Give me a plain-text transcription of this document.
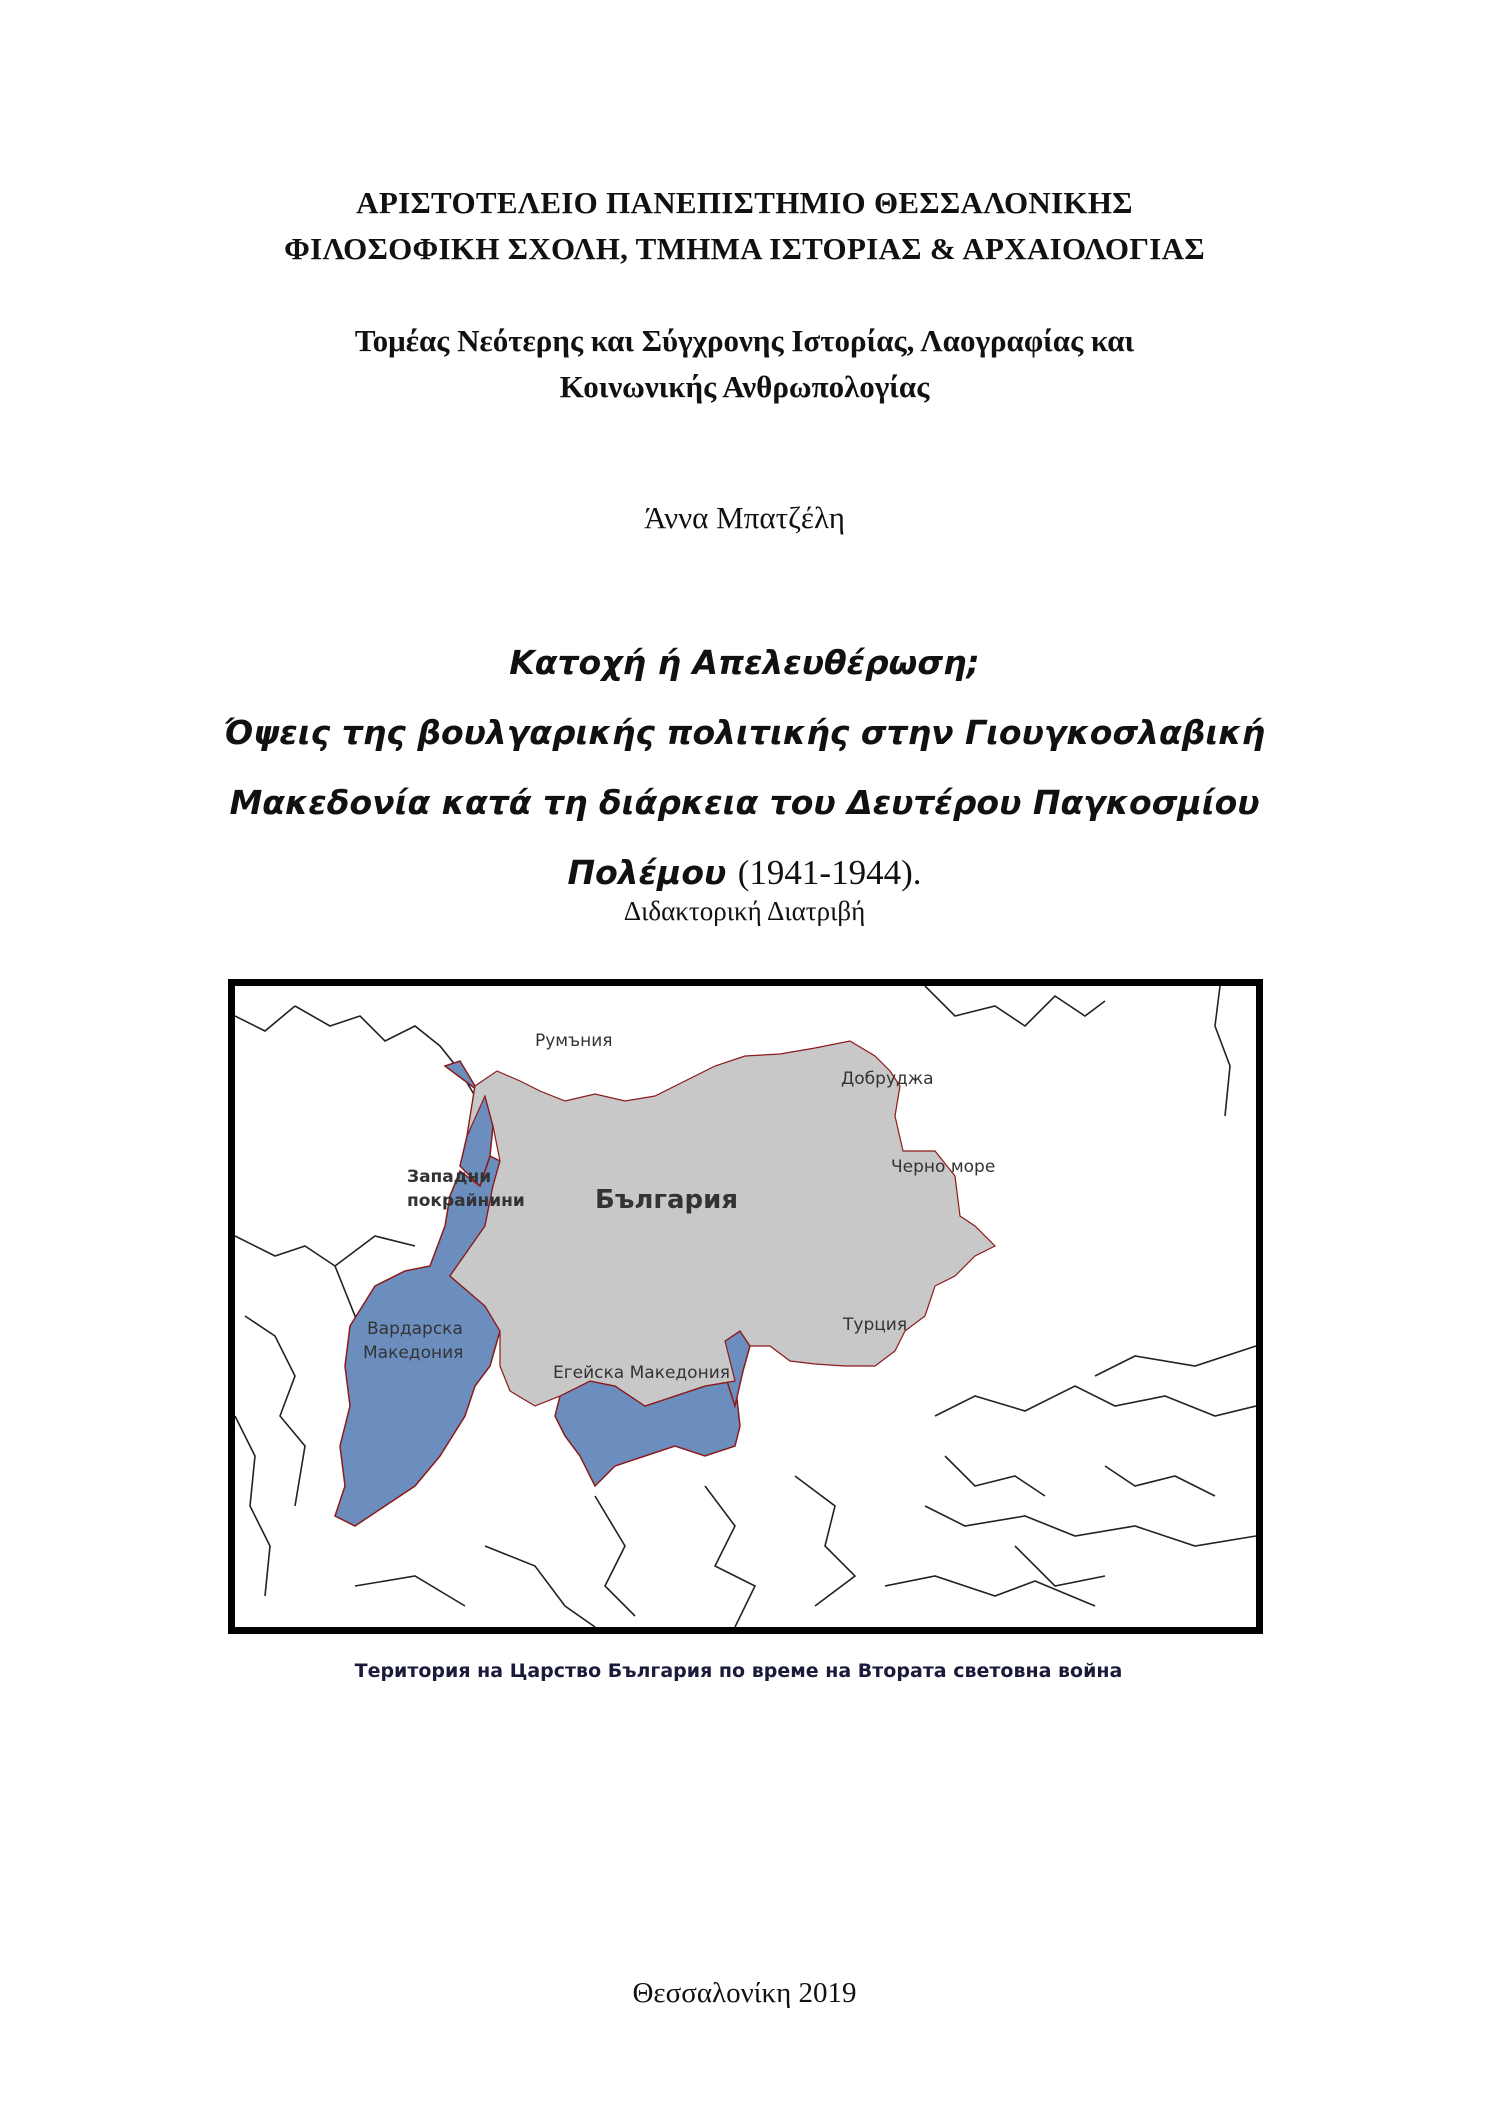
ΑΡΙΣΤΟΤΕΛΕΙΟ ΠΑΝΕΠΙΣΤΗΜΙΟ ΘΕΣΣΑΛΟΝΙΚΗΣ
ΦΙΛΟΣΟΦΙΚΗ ΣΧΟΛΗ, ΤΜΗΜΑ ΙΣΤΟΡΙΑΣ & ΑΡΧΑΙΟΛΟΓΙΑΣ
Τομέας Νεότερης και Σύγχρονης Ιστορίας, Λαογραφίας και
Κοινωνικής Ανθρωπολογίας
Άννα Μπατζέλη
Κατοχή ή Απελευθέρωση;
Όψεις της βουλγαρικής πολιτικής στην Γιουγκοσλαβική
Μακεδονία κατά τη διάρκεια του Δευτέρου Παγκοσμίου
Πολέμου (1941-1944).
Διδακτορική Διατριβή
Румъния
Добруджа
Черно море
Западни
покрайнини	България
Вардарска
Македония
Турция
Егейска Македония
Територия на Царство България по време на Втората световна война
Θεσσαλονίκη 2019
